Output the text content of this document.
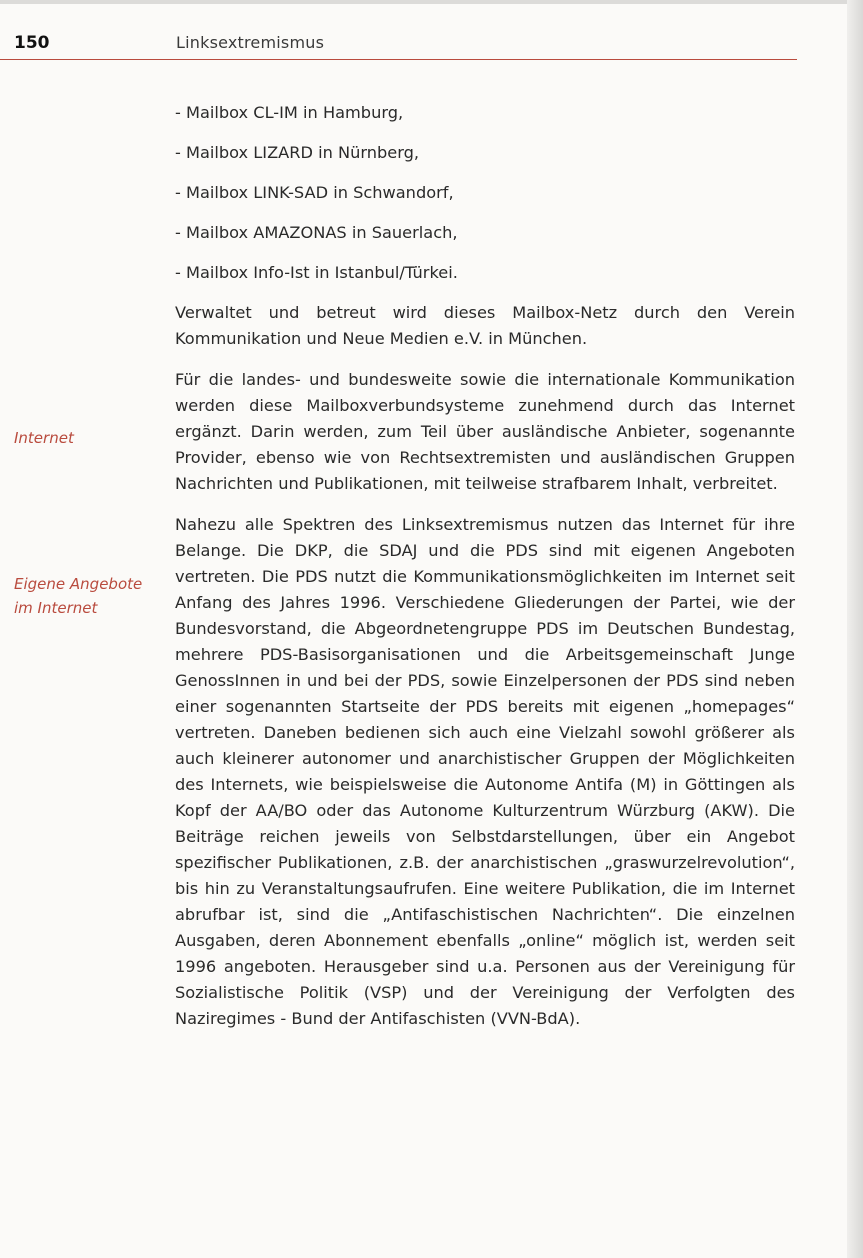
150	Linksextremismus
Internet
Eigene Angebote
im Internet
- Mailbox CL-IM in Hamburg,
- Mailbox LIZARD in Nürnberg,
- Mailbox LINK-SAD in Schwandorf,
- Mailbox AMAZONAS in Sauerlach,
- Mailbox Info-Ist in Istanbul/Türkei.

Verwaltet und betreut wird dieses Mailbox-Netz durch den Verein Kommunikation und Neue Medien e.V. in München.

Für die landes- und bundesweite sowie die internationale Kommunikation werden diese Mailboxverbundsysteme zunehmend durch das Internet ergänzt. Darin werden, zum Teil über ausländische Anbieter, sogenannte Provider, ebenso wie von Rechtsextremisten und ausländischen Gruppen Nachrichten und Publikationen, mit teilweise strafbarem Inhalt, verbreitet.

Nahezu alle Spektren des Linksextremismus nutzen das Internet für ihre Belange. Die DKP, die SDAJ und die PDS sind mit eigenen Angeboten vertreten. Die PDS nutzt die Kommunikationsmöglichkeiten im Internet seit Anfang des Jahres 1996. Verschiedene Gliederungen der Partei, wie der Bundesvorstand, die Abgeordnetengruppe PDS im Deutschen Bundestag, mehrere PDS-Basisorganisationen und die Arbeitsgemeinschaft Junge GenossInnen in und bei der PDS, sowie Einzelpersonen der PDS sind neben einer sogenannten Startseite der PDS bereits mit eigenen „homepages“ vertreten. Daneben bedienen sich auch eine Vielzahl sowohl größerer als auch kleinerer autonomer und anarchistischer Gruppen der Möglichkeiten des Internets, wie beispielsweise die Autonome Antifa (M) in Göttingen als Kopf der AA/BO oder das Autonome Kulturzentrum Würzburg (AKW). Die Beiträge reichen jeweils von Selbstdarstellungen, über ein Angebot spezifischer Publikationen, z.B. der anarchistischen „graswurzelrevolution“, bis hin zu Veranstaltungsaufrufen. Eine weitere Publikation, die im Internet abrufbar ist, sind die „Antifaschistischen Nachrichten“. Die einzelnen Ausgaben, deren Abonnement ebenfalls „online“ möglich ist, werden seit 1996 angeboten. Herausgeber sind u.a. Personen aus der Vereinigung für Sozialistische Politik (VSP) und der Vereinigung der Verfolgten des Naziregimes - Bund der Antifaschisten (VVN-BdA).
